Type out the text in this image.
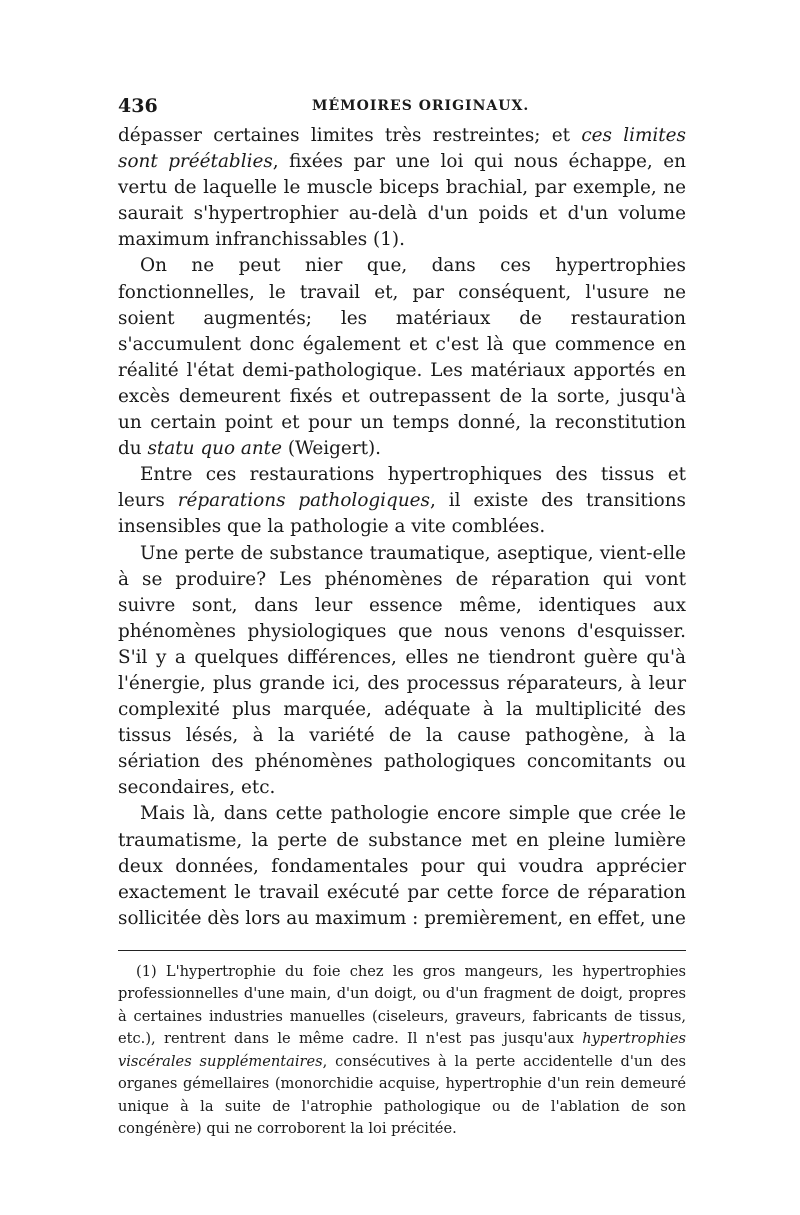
436	MÉMOIRES ORIGINAUX.

dépasser certaines limites très restreintes; et ces limites sont préétablies, fixées par une loi qui nous échappe, en vertu de laquelle le muscle biceps brachial, par exemple, ne saurait s'hypertrophier au-delà d'un poids et d'un volume maximum infranchissables (1).

On ne peut nier que, dans ces hypertrophies fonctionnelles, le travail et, par conséquent, l'usure ne soient augmentés; les matériaux de restauration s'accumulent donc également et c'est là que commence en réalité l'état demi-pathologique. Les matériaux apportés en excès demeurent fixés et outrepassent de la sorte, jusqu'à un certain point et pour un temps donné, la reconstitution du statu quo ante (Weigert).

Entre ces restaurations hypertrophiques des tissus et leurs réparations pathologiques, il existe des transitions insensibles que la pathologie a vite comblées.

Une perte de substance traumatique, aseptique, vient-elle à se produire? Les phénomènes de réparation qui vont suivre sont, dans leur essence même, identiques aux phénomènes physiologiques que nous venons d'esquisser. S'il y a quelques différences, elles ne tiendront guère qu'à l'énergie, plus grande ici, des processus réparateurs, à leur complexité plus marquée, adéquate à la multiplicité des tissus lésés, à la variété de la cause pathogène, à la sériation des phénomènes pathologiques concomitants ou secondaires, etc.

Mais là, dans cette pathologie encore simple que crée le traumatisme, la perte de substance met en pleine lumière deux données, fondamentales pour qui voudra apprécier exactement le travail exécuté par cette force de réparation sollicitée dès lors au maximum : premièrement, en effet, une

(1) L'hypertrophie du foie chez les gros mangeurs, les hypertrophies professionnelles d'une main, d'un doigt, ou d'un fragment de doigt, propres à certaines industries manuelles (ciseleurs, graveurs, fabricants de tissus, etc.), rentrent dans le même cadre. Il n'est pas jusqu'aux hypertrophies viscérales supplémentaires, consécutives à la perte accidentelle d'un des organes gémellaires (monorchidie acquise, hypertrophie d'un rein demeuré unique à la suite de l'atrophie pathologique ou de l'ablation de son congénère) qui ne corroborent la loi précitée.
